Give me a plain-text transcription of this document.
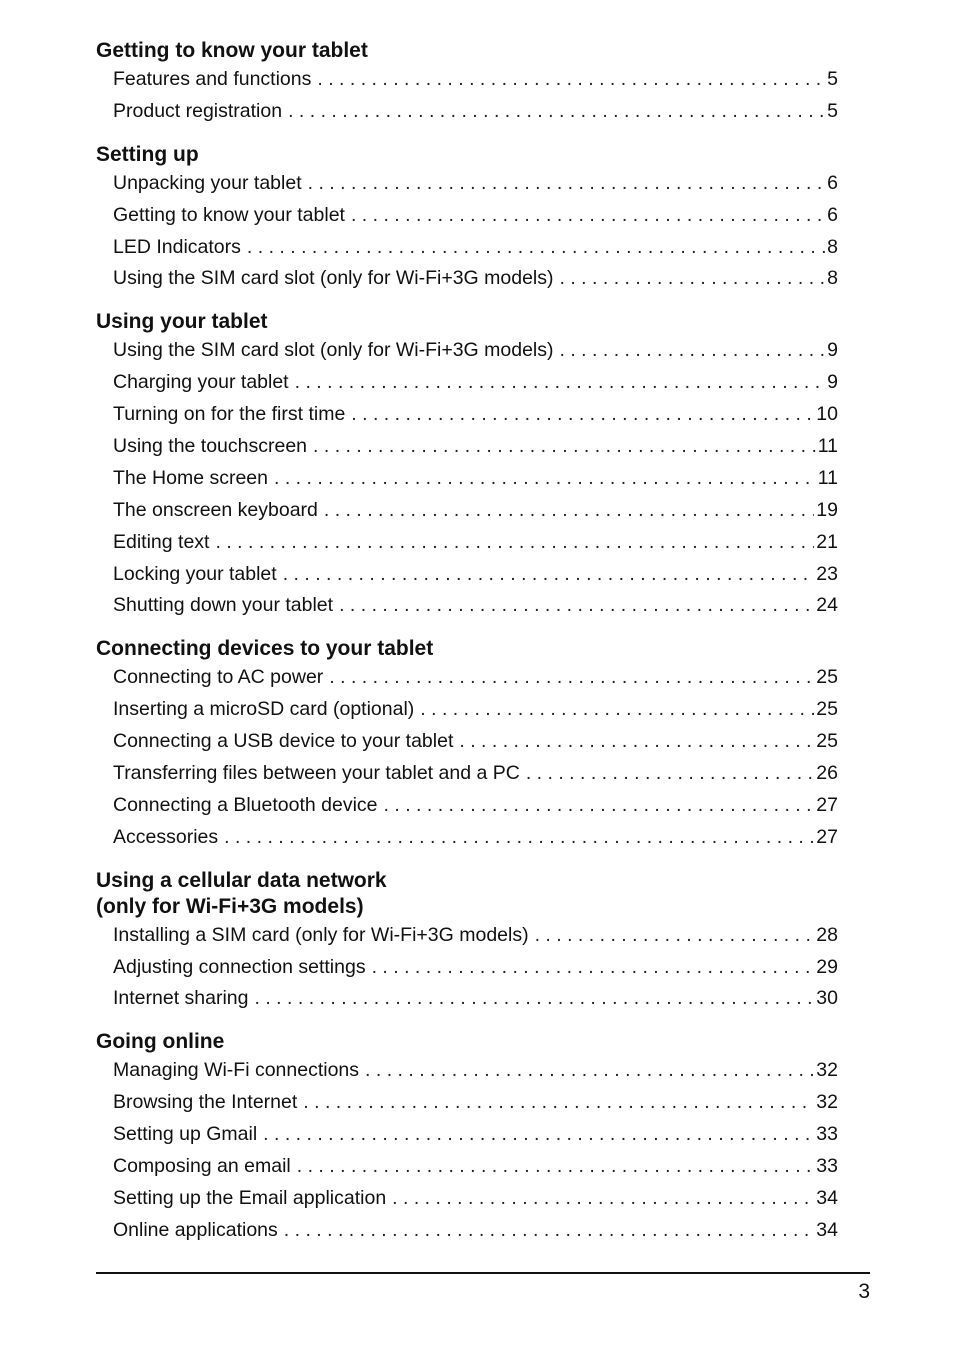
Getting to know your tablet
Features and functions . . .	5
Product registration . . .	5
Setting up
Unpacking your tablet . . .	6
Getting to know your tablet . . .	6
LED Indicators . . .	8
Using the SIM card slot (only for Wi-Fi+3G models) . . .	8
Using your tablet
Using the SIM card slot (only for Wi-Fi+3G models) . . .	9
Charging your tablet . . .	9
Turning on for the first time . . .	10
Using the touchscreen . . .	11
The Home screen . . .	11
The onscreen keyboard . . .	19
Editing text . . .	21
Locking your tablet . . .	23
Shutting down your tablet . . .	24
Connecting devices to your tablet
Connecting to AC power . . .	25
Inserting a microSD card (optional) . . .	25
Connecting a USB device to your tablet . . .	25
Transferring files between your tablet and a PC . . .	26
Connecting a Bluetooth device . . .	27
Accessories . . .	27
Using a cellular data network
(only for Wi-Fi+3G models)
Installing a SIM card (only for Wi-Fi+3G models) . . .	28
Adjusting connection settings . . .	29
Internet sharing . . .	30
Going online
Managing Wi-Fi connections . . .	32
Browsing the Internet . . .	32
Setting up Gmail . . .	33
Composing an email . . .	33
Setting up the Email application . . .	34
Online applications . . .	34
3
